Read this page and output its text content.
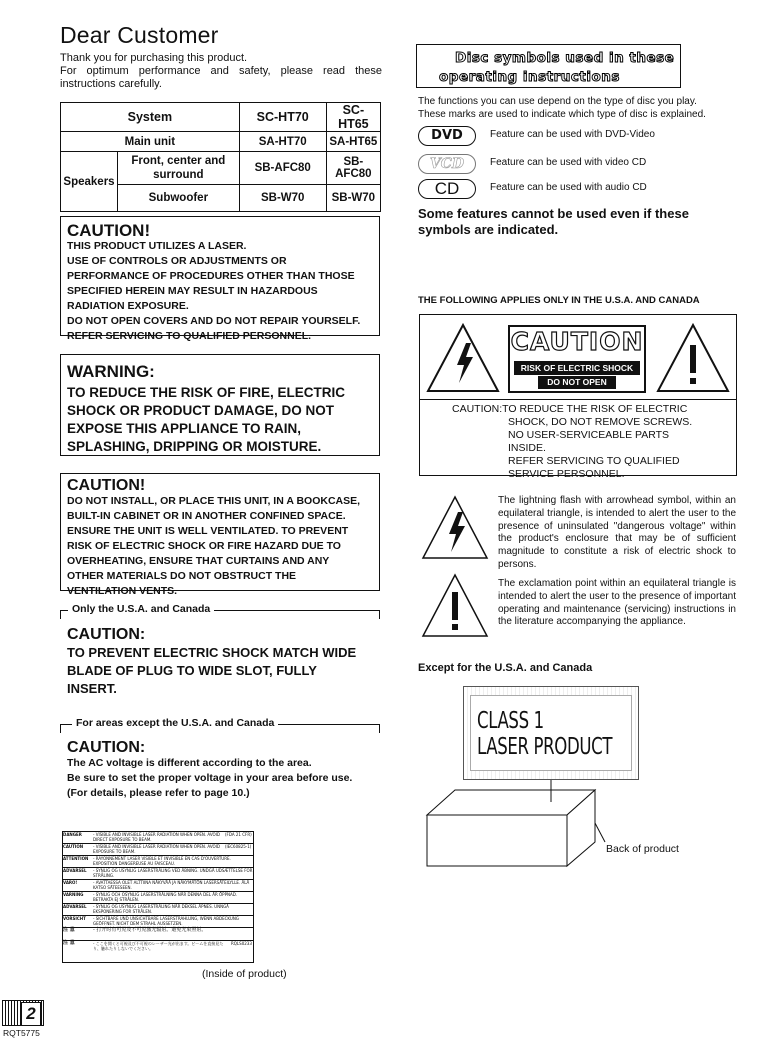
Dear Customer
Thank you for purchasing this product.
For optimum performance and safety, please read these instructions carefully.
System		SC-HT70	SC-HT65
Main unit		SA-HT70	SA-HT65
Speakers	Front, center and surround	SB-AFC80	SB-AFC80
	Subwoofer	SB-W70	SB-W70
CAUTION!
THIS PRODUCT UTILIZES A LASER.
USE OF CONTROLS OR ADJUSTMENTS OR
PERFORMANCE OF PROCEDURES OTHER THAN THOSE
SPECIFIED HEREIN MAY RESULT IN HAZARDOUS
RADIATION EXPOSURE.
DO NOT OPEN COVERS AND DO NOT REPAIR YOURSELF.
REFER SERVICING TO QUALIFIED PERSONNEL.
WARNING:
TO REDUCE THE RISK OF FIRE, ELECTRIC
SHOCK OR PRODUCT DAMAGE, DO NOT
EXPOSE THIS APPLIANCE TO RAIN,
SPLASHING, DRIPPING OR MOISTURE.
CAUTION!
DO NOT INSTALL, OR PLACE THIS UNIT, IN A BOOKCASE,
BUILT-IN CABINET OR IN ANOTHER CONFINED SPACE.
ENSURE THE UNIT IS WELL VENTILATED. TO PREVENT
RISK OF ELECTRIC SHOCK OR FIRE HAZARD DUE TO
OVERHEATING, ENSURE THAT CURTAINS AND ANY
OTHER MATERIALS DO NOT OBSTRUCT THE
VENTILATION VENTS.
CAUTION:
TO PREVENT ELECTRIC SHOCK MATCH WIDE
BLADE OF PLUG TO WIDE SLOT, FULLY
INSERT.
Only the U.S.A. and Canada
CAUTION:
The AC voltage is different according to the area.
Be sure to set the proper voltage in your area before use.
(For details, please refer to page 10.)
For areas except the U.S.A. and Canada
DANGER	- VISIBLE AND INVISIBLE LASER RADIATION WHEN OPEN. AVOID DIRECT EXPOSURE TO BEAM.
(FDA 21 CFR)
CAUTION	- VISIBLE AND INVISIBLE LASER RADIATION WHEN OPEN. AVOID EXPOSURE TO BEAM.
(IEC60825-1)
ATTENTION	- RAYONNEMENT LASER VISIBLE ET INVISIBLE EN CAS D'OUVERTURE. EXPOSITION DANGEREUSE AU FAISCEAU.
ADVARSEL	- SYNLIG OG USYNLIG LASERSTRÅLING VED ÅBNING. UNDGÅ UDSÆTTELSE FOR STRÅLING.
VARO!	- AVATTAESSA OLET ALTTIINA NÄKYVÄÄ JA NÄKYMÄTÖN LASERSÄTEILYLLE. ÄLÄ KATSO SÄTEESEEN.
VARNING	- SYNLIG OCH OSYNLIG LASERSTRÅLNING NÄR DENNA DEL ÄR ÖPPNAD. BETRAKTA EJ STRÅLEN.
ADVARSEL	- SYNLIG OG USYNLIG LASERSTRÅLING NÅR DEKSEL ÅPNES. UNNGÅ EKSPONERING FOR STRÅLEN.
VORSICHT	- SICHTBARE UND UNSICHTBARE LASERSTRAHLUNG, WENN ABDECKUNG GEÖFFNET. NICHT DEM STRAHL AUSSETZEN.
注 意	- 打开时有可见及不可见激光辐射。避免光束照射。
注 意	- ここを開くと可視及び不可視のレーザー光が出ます。ビームを直接見たり、触れたりしないでください。
RQLS0233
(Inside of product)
2
RQT5775
Disc symbols used in these
operating instructions
The functions you can use depend on the type of disc you play.
These marks are used to indicate which type of disc is explained.
DVD	Feature can be used with DVD-Video
VCD	Feature can be used with video CD
CD	Feature can be used with audio CD
Some features cannot be used even if these
symbols are indicated.
THE FOLLOWING APPLIES ONLY IN THE U.S.A. AND CANADA
CAUTION
RISK OF ELECTRIC SHOCK
DO NOT OPEN
CAUTION:TO REDUCE THE RISK OF ELECTRIC
SHOCK, DO NOT REMOVE SCREWS.
NO USER-SERVICEABLE PARTS
INSIDE.
REFER SERVICING TO QUALIFIED
SERVICE PERSONNEL.
The lightning flash with arrowhead symbol, within an equilateral triangle, is intended to alert the user to the presence of uninsulated "dangerous voltage" within the product's enclosure that may be of sufficient magnitude to constitute a risk of electric shock to persons.
The exclamation point within an equilateral triangle is intended to alert the user to the presence of important operating and maintenance (servicing) instructions in the literature accompanying the appliance.
Except for the U.S.A. and Canada
CLASS 1
LASER PRODUCT
Back of product
